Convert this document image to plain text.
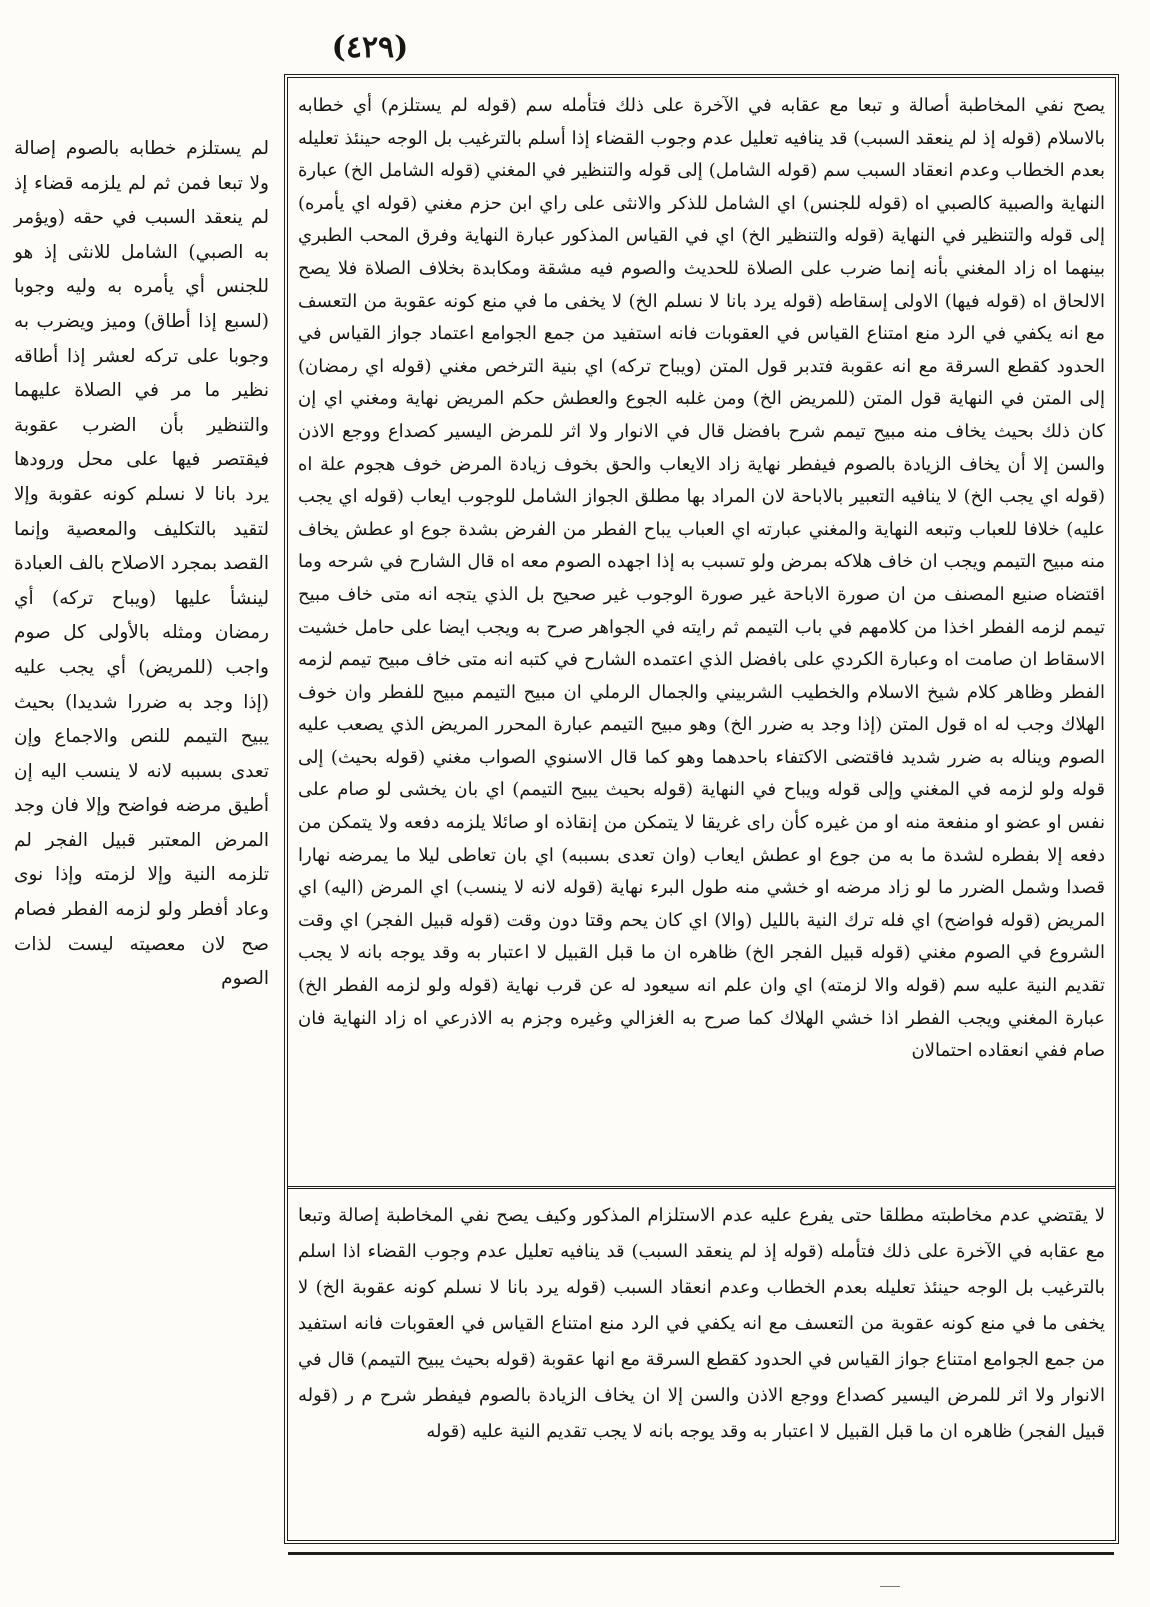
(٤٢٩)
يصح نفي المخاطبة أصالة و تبعا مع عقابه في الآخرة على ذلك فتأمله سم (قوله لم يستلزم) أي خطابه بالاسلام (قوله إذ لم ينعقد السبب) قد ينافيه تعليل عدم وجوب القضاء إذا أسلم بالترغيب بل الوجه حينئذ تعليله بعدم الخطاب وعدم انعقاد السبب سم (قوله الشامل) إلى قوله والتنظير في المغني (قوله الشامل الخ) عبارة النهاية والصبية كالصبي اه (قوله للجنس) اي الشامل للذكر والانثى على راي ابن حزم مغني (قوله اي يأمره) إلى قوله والتنظير في النهاية (قوله والتنظير الخ) اي في القياس المذكور عبارة النهاية وفرق المحب الطبري بينهما اه زاد المغني بأنه إنما ضرب على الصلاة للحديث والصوم فيه مشقة ومكابدة بخلاف الصلاة فلا يصح الالحاق اه (قوله فيها) الاولى إسقاطه (قوله يرد بانا لا نسلم الخ) لا يخفى ما في منع كونه عقوبة من التعسف مع انه يكفي في الرد منع امتناع القياس في العقوبات فانه استفيد من جمع الجوامع اعتماد جواز القياس في الحدود كقطع السرقة مع انه عقوبة فتدبر قول المتن (ويباح تركه) اي بنية الترخص مغني (قوله اي رمضان) إلى المتن في النهاية قول المتن (للمريض الخ) ومن غلبه الجوع والعطش حكم المريض نهاية ومغني اي إن كان ذلك بحيث يخاف منه مبيح تيمم شرح بافضل قال في الانوار ولا اثر للمرض اليسير كصداع ووجع الاذن والسن إلا أن يخاف الزيادة بالصوم فيفطر نهاية زاد الايعاب والحق بخوف زيادة المرض خوف هجوم علة اه (قوله اي يجب الخ) لا ينافيه التعبير بالاباحة لان المراد بها مطلق الجواز الشامل للوجوب ايعاب (قوله اي يجب عليه) خلافا للعباب وتبعه النهاية والمغني عبارته اي العباب يباح الفطر من الفرض بشدة جوع او عطش يخاف منه مبيح التيمم ويجب ان خاف هلاكه بمرض ولو تسبب به إذا اجهده الصوم معه اه قال الشارح في شرحه وما اقتضاه صنيع المصنف من ان صورة الاباحة غير صورة الوجوب غير صحيح بل الذي يتجه انه متى خاف مبيح تيمم لزمه الفطر اخذا من كلامهم في باب التيمم ثم رايته في الجواهر صرح به ويجب ايضا على حامل خشيت الاسقاط ان صامت اه وعبارة الكردي على بافضل الذي اعتمده الشارح في كتبه انه متى خاف مبيح تيمم لزمه الفطر وظاهر كلام شيخ الاسلام والخطيب الشربيني والجمال الرملي ان مبيح التيمم مبيح للفطر وان خوف الهلاك وجب له اه قول المتن (إذا وجد به ضرر الخ) وهو مبيح التيمم عبارة المحرر المريض الذي يصعب عليه الصوم ويناله به ضرر شديد فاقتضى الاكتفاء باحدهما وهو كما قال الاسنوي الصواب مغني (قوله بحيث) إلى قوله ولو لزمه في المغني وإلى قوله ويباح في النهاية (قوله بحيث يبيح التيمم) اي بان يخشى لو صام على نفس او عضو او منفعة منه او من غيره كأن راى غريقا لا يتمكن من إنقاذه او صائلا يلزمه دفعه ولا يتمكن من دفعه إلا بفطره لشدة ما به من جوع او عطش ايعاب (وان تعدى بسببه) اي بان تعاطى ليلا ما يمرضه نهارا قصدا وشمل الضرر ما لو زاد مرضه او خشي منه طول البرء نهاية (قوله لانه لا ينسب) اي المرض (اليه) اي المريض (قوله فواضح) اي فله ترك النية بالليل (والا) اي كان يحم وقتا دون وقت (قوله قبيل الفجر) اي وقت الشروع في الصوم مغني (قوله قبيل الفجر الخ) ظاهره ان ما قبل القبيل لا اعتبار به وقد يوجه بانه لا يجب تقديم النية عليه سم (قوله والا لزمته) اي وان علم انه سيعود له عن قرب نهاية (قوله ولو لزمه الفطر الخ) عبارة المغني ويجب الفطر اذا خشي الهلاك كما صرح به الغزالي وغيره وجزم به الاذرعي اه زاد النهاية فان صام ففي انعقاده احتمالان
لا يقتضي عدم مخاطبته مطلقا حتى يفرع عليه عدم الاستلزام المذكور وكيف يصح نفي المخاطبة إصالة وتبعا مع عقابه في الآخرة على ذلك فتأمله (قوله إذ لم ينعقد السبب) قد ينافيه تعليل عدم وجوب القضاء اذا اسلم بالترغيب بل الوجه حينئذ تعليله بعدم الخطاب وعدم انعقاد السبب (قوله يرد بانا لا نسلم كونه عقوبة الخ) لا يخفى ما في منع كونه عقوبة من التعسف مع انه يكفي في الرد منع امتناع القياس في العقوبات فانه استفيد من جمع الجوامع امتناع جواز القياس في الحدود كقطع السرقة مع انها عقوبة (قوله بحيث يبيح التيمم) قال في الانوار ولا اثر للمرض اليسير كصداع ووجع الاذن والسن إلا ان يخاف الزيادة بالصوم فيفطر شرح م ر (قوله قبيل الفجر) ظاهره ان ما قبل القبيل لا اعتبار به وقد يوجه بانه لا يجب تقديم النية عليه (قوله
لم يستلزم خطابه بالصوم إصالة ولا تبعا فمن ثم لم يلزمه قضاء إذ لم ينعقد السبب في حقه (ويؤمر به الصبي) الشامل للانثى إذ هو للجنس أي يأمره به وليه وجوبا (لسبع إذا أطاق) وميز ويضرب به وجوبا على تركه لعشر إذا أطاقه نظير ما مر في الصلاة عليهما والتنظير بأن الضرب عقوبة فيقتصر فيها على محل ورودها يرد بانا لا نسلم كونه عقوبة وإلا لتقيد بالتكليف والمعصية وإنما القصد بمجرد الاصلاح بالف العبادة لينشأ عليها (ويباح تركه) أي رمضان ومثله بالأولى كل صوم واجب (للمريض) أي يجب عليه (إذا وجد به ضررا شديدا) بحيث يبيح التيمم للنص والاجماع وإن تعدى بسببه لانه لا ينسب اليه إن أطيق مرضه فواضح وإلا فان وجد المرض المعتبر قبيل الفجر لم تلزمه النية وإلا لزمته وإذا نوى وعاد أفطر ولو لزمه الفطر فصام صح لان معصيته ليست لذات الصوم
